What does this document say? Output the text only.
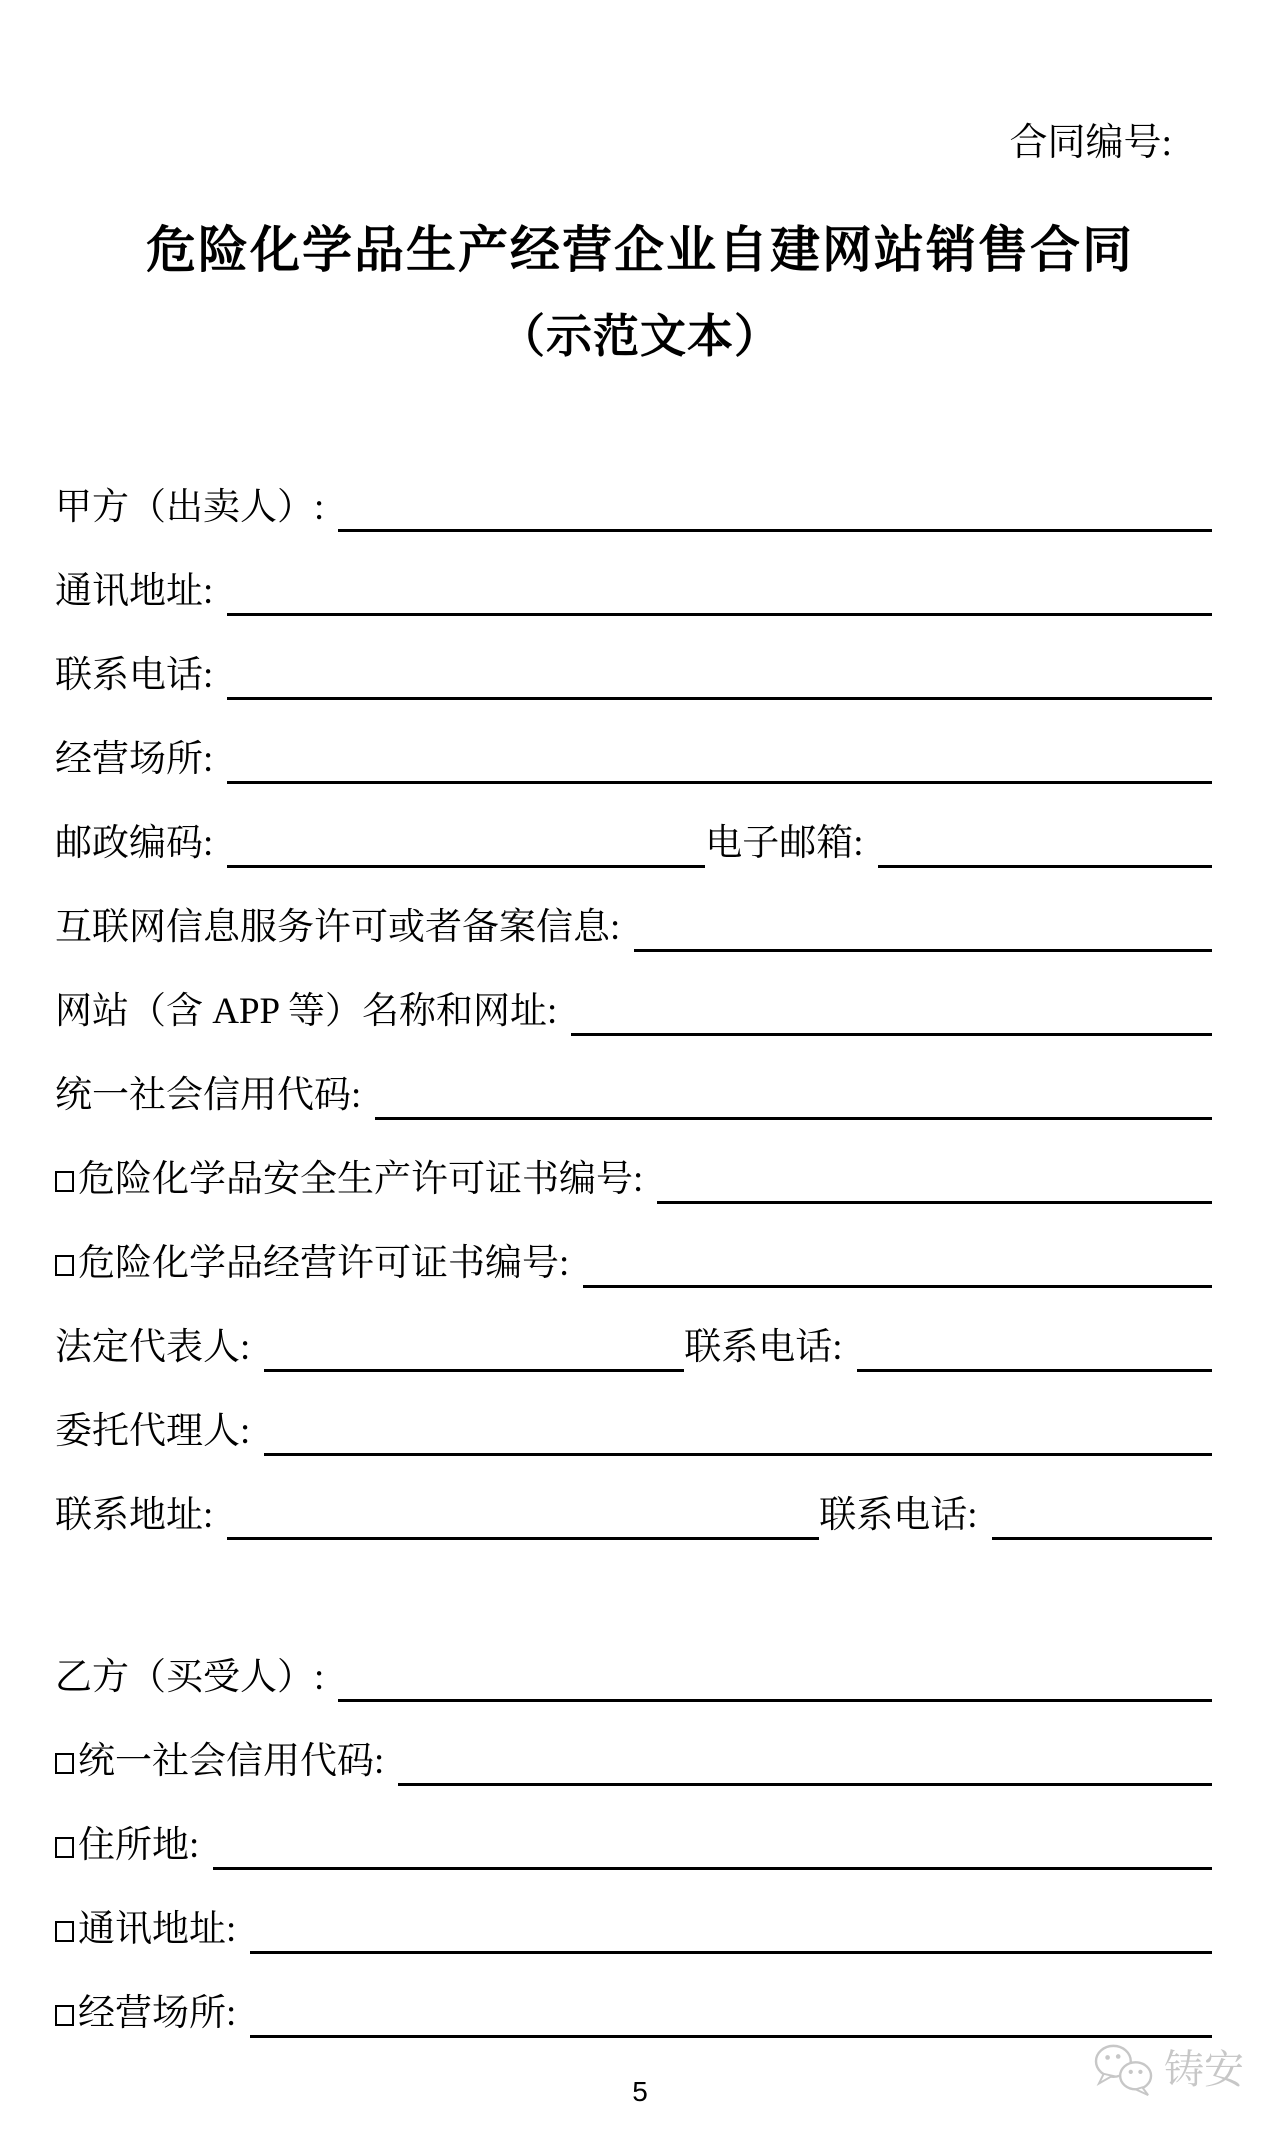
合同编号:
危险化学品生产经营企业自建网站销售合同
（示范文本）
甲方（出卖人）:
通讯地址:
联系电话:
经营场所:
邮政编码:	电子邮箱:
互联网信息服务许可或者备案信息:
网站（含 APP 等）名称和网址:
统一社会信用代码:
危险化学品安全生产许可证书编号:
危险化学品经营许可证书编号:
法定代表人:	联系电话:
委托代理人:
联系地址:	联系电话:
乙方（买受人）:
统一社会信用代码:
住所地:
通讯地址:
经营场所:
5	铸安
